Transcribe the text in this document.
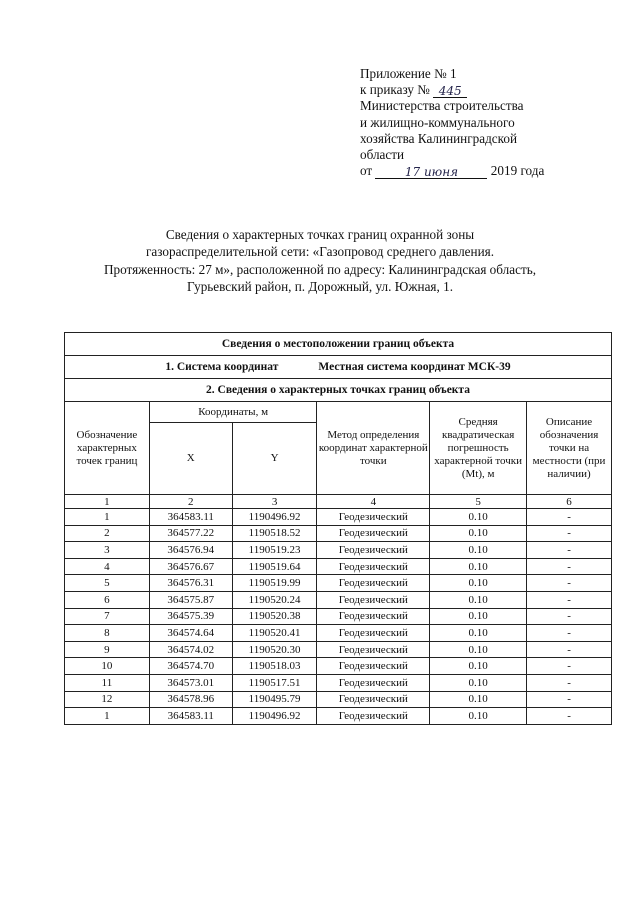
Приложение № 1
к приказу № 445
Министерства строительства
и жилищно-коммунального
хозяйства Калининградской
области
от	17 июня 2019 года
Сведения о характерных точках границ охранной зоны
газораспределительной сети: «Газопровод среднего давления.
Протяженность: 27 м», расположенной по адресу: Калининградская область,
Гурьевский район, п. Дорожный, ул. Южная, 1.
Сведения о местоположении границ объекта					
1. Система координат Местная система координат МСК-39					
2. Сведения о характерных точках границ объекта					
Обозначение характерных точек границ	Координаты, м		Метод определения координат характерной точки	Средняя квадратическая погрешность характерной точки (Mt), м	Описание обозначения точки на местности (при наличии)
	X	Y			
1	2	3	4	5	6
1	364583.11	1190496.92	Геодезический	0.10	-
2	364577.22	1190518.52	Геодезический	0.10	-
3	364576.94	1190519.23	Геодезический	0.10	-
4	364576.67	1190519.64	Геодезический	0.10	-
5	364576.31	1190519.99	Геодезический	0.10	-
6	364575.87	1190520.24	Геодезический	0.10	-
7	364575.39	1190520.38	Геодезический	0.10	-
8	364574.64	1190520.41	Геодезический	0.10	-
9	364574.02	1190520.30	Геодезический	0.10	-
10	364574.70	1190518.03	Геодезический	0.10	-
11	364573.01	1190517.51	Геодезический	0.10	-
12	364578.96	1190495.79	Геодезический	0.10	-
1	364583.11	1190496.92	Геодезический	0.10	-
